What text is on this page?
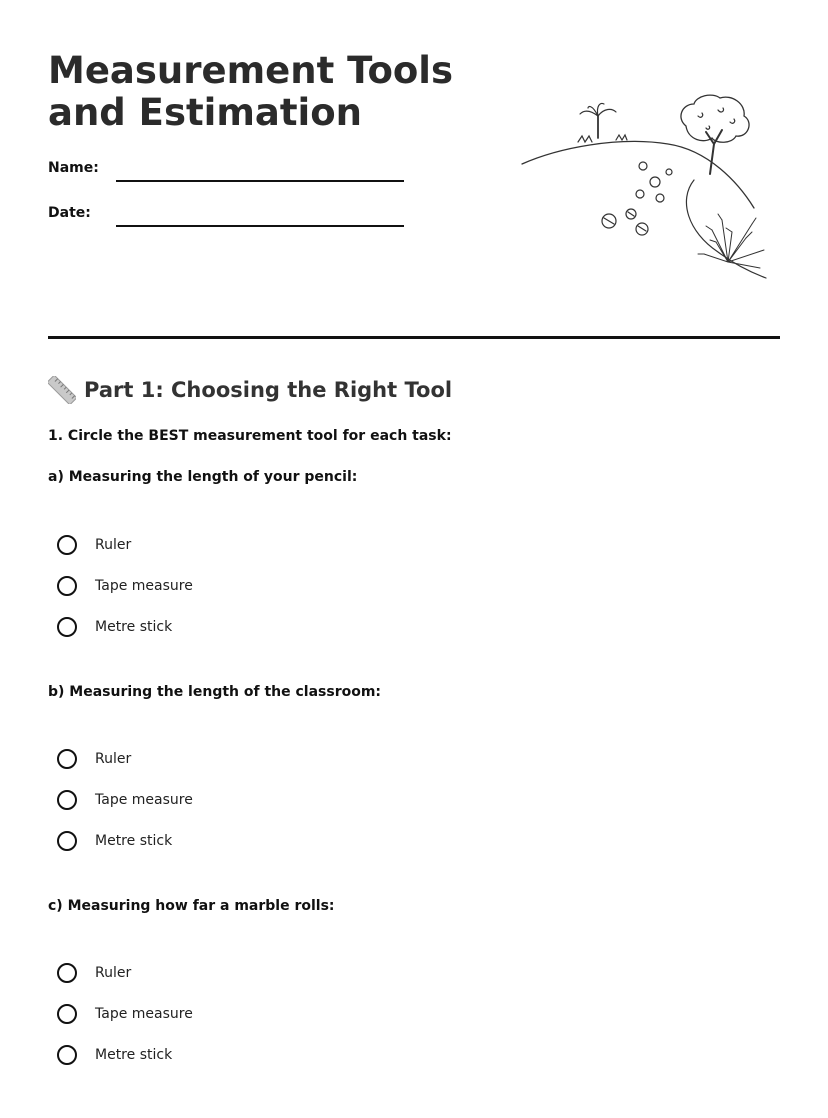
Measurement Tools and Estimation
Name:
Date:
Part 1: Choosing the Right Tool
1. Circle the BEST measurement tool for each task:
a) Measuring the length of your pencil:
Ruler
Tape measure
Metre stick
b) Measuring the length of the classroom:
Ruler
Tape measure
Metre stick
c) Measuring how far a marble rolls:
Ruler
Tape measure
Metre stick
